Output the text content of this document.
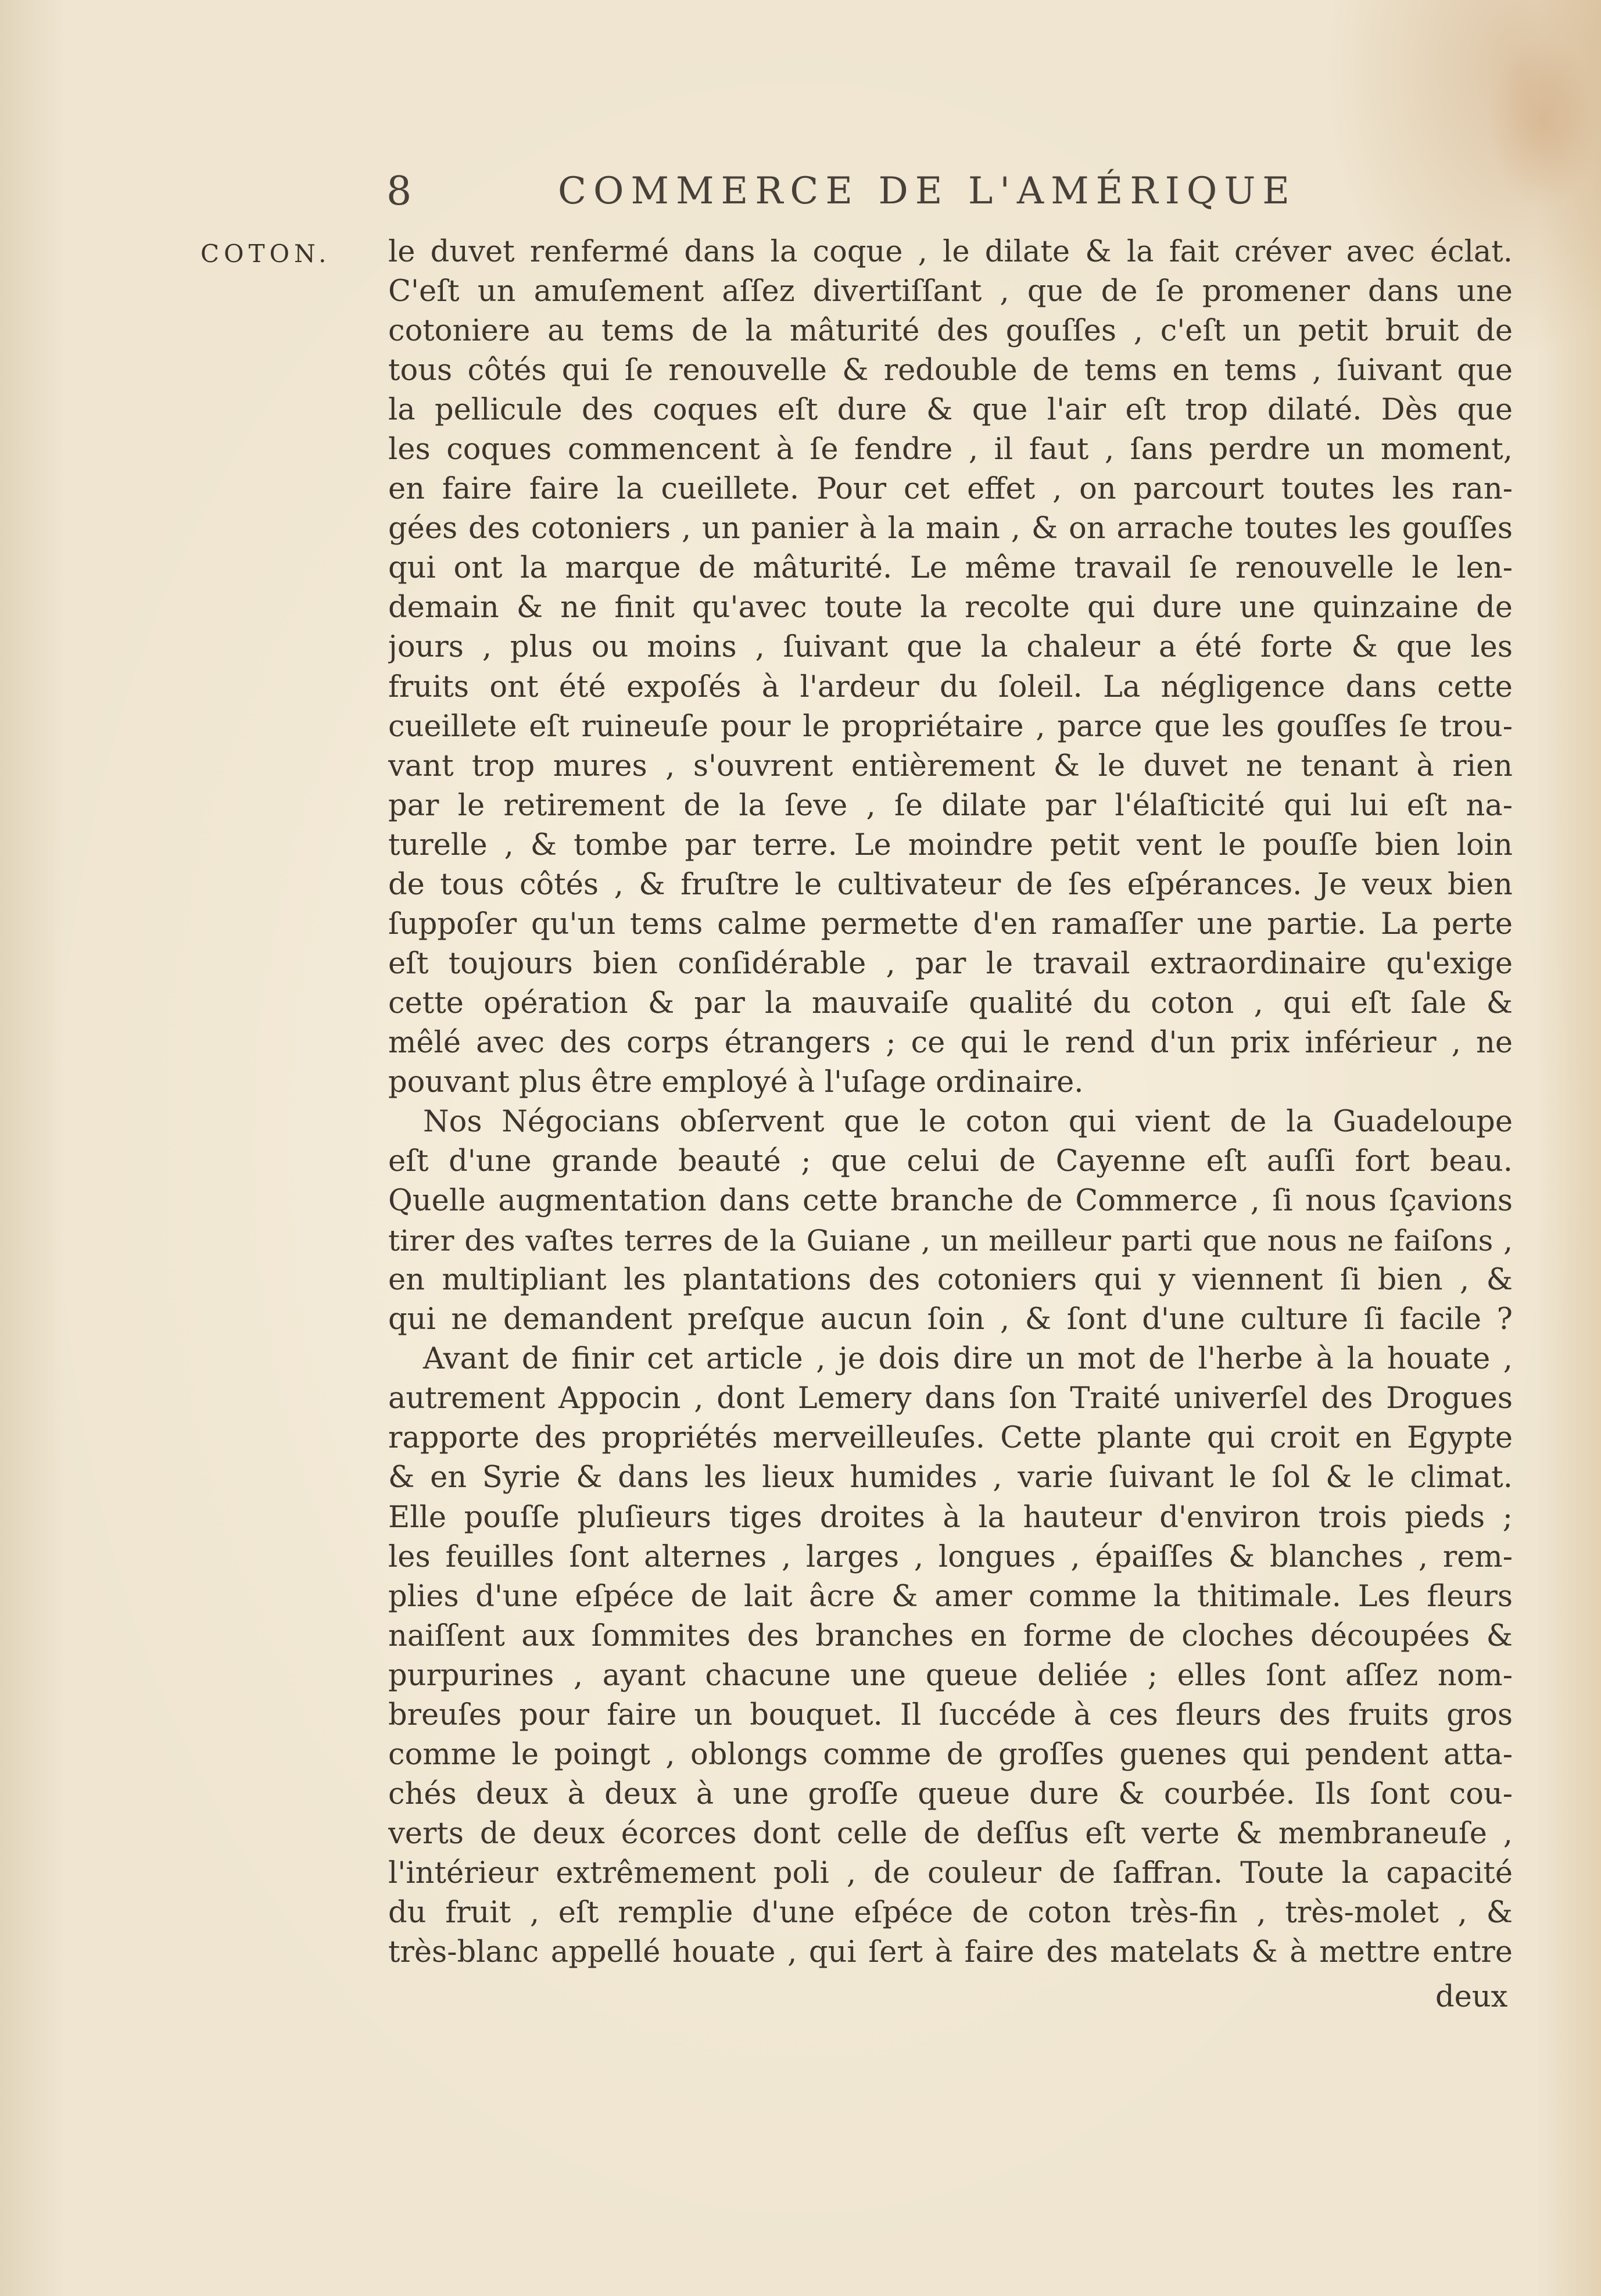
8	COMMERCE DE L'AMÉRIQUE
COTON. le duvet renfermé dans la coque , le dilate & la fait créver avec éclat.
C'eſt un amuſement aſſez divertiſſant , que de ſe promener dans une
cotoniere au tems de la mâturité des gouſſes , c'eſt un petit bruit de
tous côtés qui ſe renouvelle & redouble de tems en tems , ſuivant que
la pellicule des coques eſt dure & que l'air eſt trop dilaté. Dès que
les coques commencent à ſe fendre , il faut , ſans perdre un moment,
en faire faire la cueillete. Pour cet effet , on parcourt toutes les ran-
gées des cotoniers , un panier à la main , & on arrache toutes les gouſſes
qui ont la marque de mâturité. Le même travail ſe renouvelle le len-
demain & ne finit qu'avec toute la recolte qui dure une quinzaine de
jours , plus ou moins , ſuivant que la chaleur a été forte & que les
fruits ont été expoſés à l'ardeur du ſoleil. La négligence dans cette
cueillete eſt ruineuſe pour le propriétaire , parce que les gouſſes ſe trou-
vant trop mures , s'ouvrent entièrement & le duvet ne tenant à rien
par le retirement de la ſeve , ſe dilate par l'élaſticité qui lui eſt na-
turelle , & tombe par terre. Le moindre petit vent le pouſſe bien loin
de tous côtés , & fruſtre le cultivateur de ſes eſpérances. Je veux bien
ſuppoſer qu'un tems calme permette d'en ramaſſer une partie. La perte
eſt toujours bien conſidérable , par le travail extraordinaire qu'exige
cette opération & par la mauvaiſe qualité du coton , qui eſt ſale &
mêlé avec des corps étrangers ; ce qui le rend d'un prix inférieur , ne
pouvant plus être employé à l'uſage ordinaire.
Nos Négocians obſervent que le coton qui vient de la Guadeloupe
eſt d'une grande beauté ; que celui de Cayenne eſt auſſi fort beau.
Quelle augmentation dans cette branche de Commerce , ſi nous ſçavions
tirer des vaſtes terres de la Guiane , un meilleur parti que nous ne faiſons ,
en multipliant les plantations des cotoniers qui y viennent ſi bien , &
qui ne demandent preſque aucun ſoin , & ſont d'une culture ſi facile ?
Avant de finir cet article , je dois dire un mot de l'herbe à la houate ,
autrement Appocin , dont Lemery dans ſon Traité univerſel des Drogues
rapporte des propriétés merveilleuſes. Cette plante qui croit en Egypte
& en Syrie & dans les lieux humides , varie ſuivant le ſol & le climat.
Elle pouſſe pluſieurs tiges droites à la hauteur d'environ trois pieds ;
les feuilles ſont alternes , larges , longues , épaiſſes & blanches , rem-
plies d'une eſpéce de lait âcre & amer comme la thitimale. Les fleurs
naiſſent aux ſommites des branches en forme de cloches découpées &
purpurines , ayant chacune une queue deliée ; elles ſont aſſez nom-
breuſes pour faire un bouquet. Il ſuccéde à ces fleurs des fruits gros
comme le poingt , oblongs comme de groſſes guenes qui pendent atta-
chés deux à deux à une groſſe queue dure & courbée. Ils ſont cou-
verts de deux écorces dont celle de deſſus eſt verte & membraneuſe ,
l'intérieur extrêmement poli , de couleur de ſaffran. Toute la capacité
du fruit , eſt remplie d'une eſpéce de coton très-fin , très-molet , &
très-blanc appellé houate , qui ſert à faire des matelats & à mettre entre
deux
